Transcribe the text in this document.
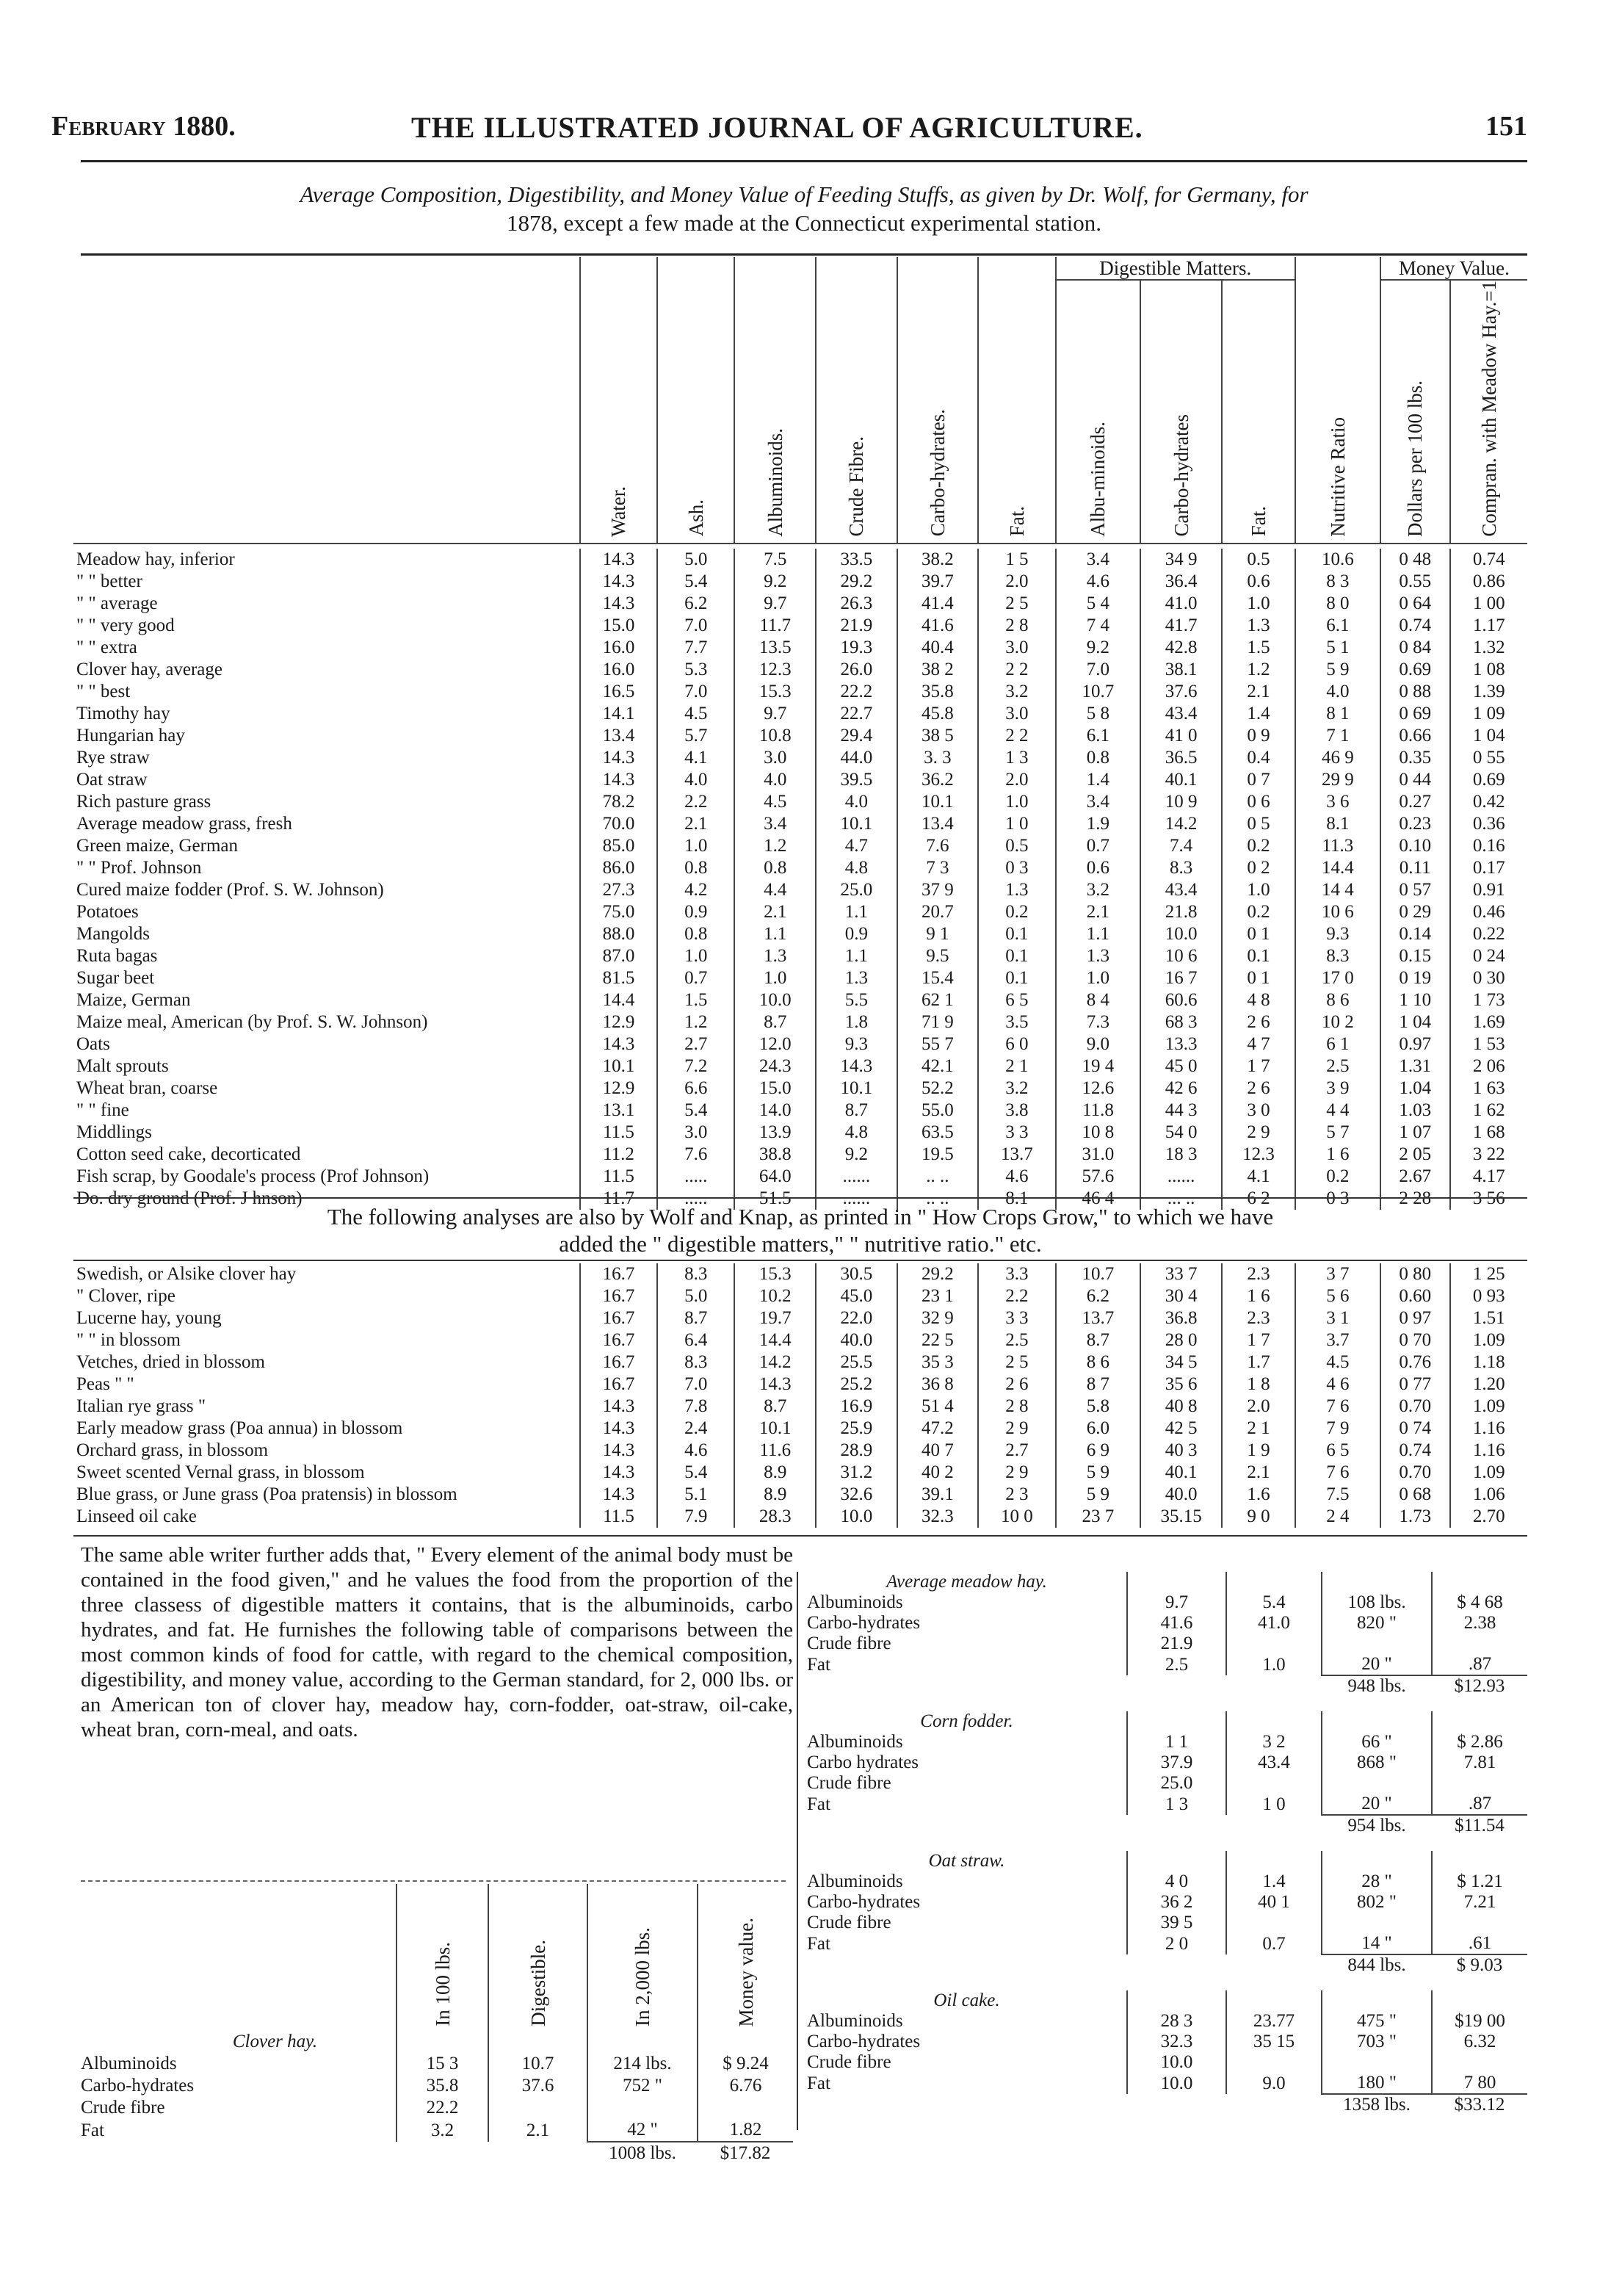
February 1880.	THE ILLUSTRATED JOURNAL OF AGRICULTURE.	151
Average Composition, Digestibility, and Money Value of Feeding Stuffs, as given by Dr. Wolf, for Germany, for
1878, except a few made at the Connecticut experimental station.

	Water.	Ash.	Albuminoids.	Crude Fibre.	Carbo-hydrates.	Fat.	Digestible Matters.			Nutritive Ratio	Money Value.	

							Albu-minoids.	Carbo-hydrates	Fat.		Dollars per 100 lbs.	Compran. with Meadow Hay.=1

Meadow hay, inferior	14.3	5.0	7.5	33.5	38.2	1 5	3.4	34 9	0.5	10.6	0 48	0.74
" " better	14.3	5.4	9.2	29.2	39.7	2.0	4.6	36.4	0.6	8 3	0.55	0.86
" " average	14.3	6.2	9.7	26.3	41.4	2 5	5 4	41.0	1.0	8 0	0 64	1 00
" " very good	15.0	7.0	11.7	21.9	41.6	2 8	7 4	41.7	1.3	6.1	0.74	1.17
" " extra	16.0	7.7	13.5	19.3	40.4	3.0	9.2	42.8	1.5	5 1	0 84	1.32
Clover hay, average	16.0	5.3	12.3	26.0	38 2	2 2	7.0	38.1	1.2	5 9	0.69	1 08
" " best	16.5	7.0	15.3	22.2	35.8	3.2	10.7	37.6	2.1	4.0	0 88	1.39
Timothy hay	14.1	4.5	9.7	22.7	45.8	3.0	5 8	43.4	1.4	8 1	0 69	1 09
Hungarian hay	13.4	5.7	10.8	29.4	38 5	2 2	6.1	41 0	0 9	7 1	0.66	1 04
Rye straw	14.3	4.1	3.0	44.0	3. 3	1 3	0.8	36.5	0.4	46 9	0.35	0 55
Oat straw	14.3	4.0	4.0	39.5	36.2	2.0	1.4	40.1	0 7	29 9	0 44	0.69
Rich pasture grass	78.2	2.2	4.5	4.0	10.1	1.0	3.4	10 9	0 6	3 6	0.27	0.42
Average meadow grass, fresh	70.0	2.1	3.4	10.1	13.4	1 0	1.9	14.2	0 5	8.1	0.23	0.36
Green maize, German	85.0	1.0	1.2	4.7	7.6	0.5	0.7	7.4	0.2	11.3	0.10	0.16
" " Prof. Johnson	86.0	0.8	0.8	4.8	7 3	0 3	0.6	8.3	0 2	14.4	0.11	0.17
Cured maize fodder (Prof. S. W. Johnson)	27.3	4.2	4.4	25.0	37 9	1.3	3.2	43.4	1.0	14 4	0 57	0.91
Potatoes	75.0	0.9	2.1	1.1	20.7	0.2	2.1	21.8	0.2	10 6	0 29	0.46
Mangolds	88.0	0.8	1.1	0.9	9 1	0.1	1.1	10.0	0 1	9.3	0.14	0.22
Ruta bagas	87.0	1.0	1.3	1.1	9.5	0.1	1.3	10 6	0.1	8.3	0.15	0 24
Sugar beet	81.5	0.7	1.0	1.3	15.4	0.1	1.0	16 7	0 1	17 0	0 19	0 30
Maize, German	14.4	1.5	10.0	5.5	62 1	6 5	8 4	60.6	4 8	8 6	1 10	1 73
Maize meal, American (by Prof. S. W. Johnson)	12.9	1.2	8.7	1.8	71 9	3.5	7.3	68 3	2 6	10 2	1 04	1.69
Oats	14.3	2.7	12.0	9.3	55 7	6 0	9.0	13.3	4 7	6 1	0.97	1 53
Malt sprouts	10.1	7.2	24.3	14.3	42.1	2 1	19 4	45 0	1 7	2.5	1.31	2 06
Wheat bran, coarse	12.9	6.6	15.0	10.1	52.2	3.2	12.6	42 6	2 6	3 9	1.04	1 63
" " fine	13.1	5.4	14.0	8.7	55.0	3.8	11.8	44 3	3 0	4 4	1.03	1 62
Middlings	11.5	3.0	13.9	4.8	63.5	3 3	10 8	54 0	2 9	5 7	1 07	1 68
Cotton seed cake, decorticated	11.2	7.6	38.8	9.2	19.5	13.7	31.0	18 3	12.3	1 6	2 05	3 22
Fish scrap, by Goodale's process (Prof Johnson)	11.5	.....	64.0	......	.. ..	4.6	57.6	......	4.1	0.2	2.67	4.17
Do. dry ground (Prof. J hnson)	11.7	.....	51.5	......	.. ..	8.1	46 4	... ..	6 2	0 3	2 28	3 56
The following analyses are also by Wolf and Knap, as printed in " How Crops Grow," to which we have
added the " digestible matters," " nutritive ratio." etc.
Swedish, or Alsike clover hay	16.7	8.3	15.3	30.5	29.2	3.3	10.7	33 7	2.3	3 7	0 80	1 25
" Clover, ripe	16.7	5.0	10.2	45.0	23 1	2.2	6.2	30 4	1 6	5 6	0.60	0 93
Lucerne hay, young	16.7	8.7	19.7	22.0	32 9	3 3	13.7	36.8	2.3	3 1	0 97	1.51
" " in blossom	16.7	6.4	14.4	40.0	22 5	2.5	8.7	28 0	1 7	3.7	0 70	1.09
Vetches, dried in blossom	16.7	8.3	14.2	25.5	35 3	2 5	8 6	34 5	1.7	4.5	0.76	1.18
Peas " "	16.7	7.0	14.3	25.2	36 8	2 6	8 7	35 6	1 8	4 6	0 77	1.20
Italian rye grass "	14.3	7.8	8.7	16.9	51 4	2 8	5.8	40 8	2.0	7 6	0.70	1.09
Early meadow grass (Poa annua) in blossom	14.3	2.4	10.1	25.9	47.2	2 9	6.0	42 5	2 1	7 9	0 74	1.16
Orchard grass, in blossom	14.3	4.6	11.6	28.9	40 7	2.7	6 9	40 3	1 9	6 5	0.74	1.16
Sweet scented Vernal grass, in blossom	14.3	5.4	8.9	31.2	40 2	2 9	5 9	40.1	2.1	7 6	0.70	1.09
Blue grass, or June grass (Poa pratensis) in blossom	14.3	5.1	8.9	32.6	39.1	2 3	5 9	40.0	1.6	7.5	0 68	1.06
Linseed oil cake	11.5	7.9	28.3	10.0	32.3	10 0	23 7	35.15	9 0	2 4	1.73	2.70
The same able writer further adds that, " Every element of the animal body must be contained in the food given," and he values the food from the proportion of the three classess of digestible matters it contains, that is the albuminoids, carbo hydrates, and fat. He furnishes the following table of comparisons between the most common kinds of food for cattle, with regard to the chemical composition, digestibility, and money value, according to the German standard, for 2, 000 lbs. or an American ton of clover hay, meadow hay, corn-fodder, oat-straw, oil-cake, wheat bran, corn-meal, and oats.

	In 100 lbs.	Digestible.	In 2,000 lbs.	Money value.

Clover hay.				
Albuminoids	15 3	10.7	214 lbs.	$ 9.24
Carbo-hydrates	35.8	37.6	752 "	6.76
Crude fibre	22.2			
Fat	3.2	2.1	42 "	1.82
			1008 lbs.	$17.82
Average meadow hay.				
Albuminoids	9.7	5.4	108 lbs.	$ 4 68
Carbo-hydrates	41.6	41.0	820 "	2.38
Crude fibre	21.9			
Fat	2.5	1.0	20 "	.87
			948 lbs.	$12.93
Corn fodder.				
Albuminoids	1 1	3 2	66 "	$ 2.86
Carbo hydrates	37.9	43.4	868 "	7.81
Crude fibre	25.0			
Fat	1 3	1 0	20 "	.87
			954 lbs.	$11.54
Oat straw.				
Albuminoids	4 0	1.4	28 "	$ 1.21
Carbo-hydrates	36 2	40 1	802 "	7.21
Crude fibre	39 5			
Fat	2 0	0.7	14 "	.61
			844 lbs.	$ 9.03
Oil cake.				
Albuminoids	28 3	23.77	475 "	$19 00
Carbo-hydrates	32.3	35 15	703 "	6.32
Crude fibre	10.0			
Fat	10.0	9.0	180 "	7 80
			1358 lbs.	$33.12
